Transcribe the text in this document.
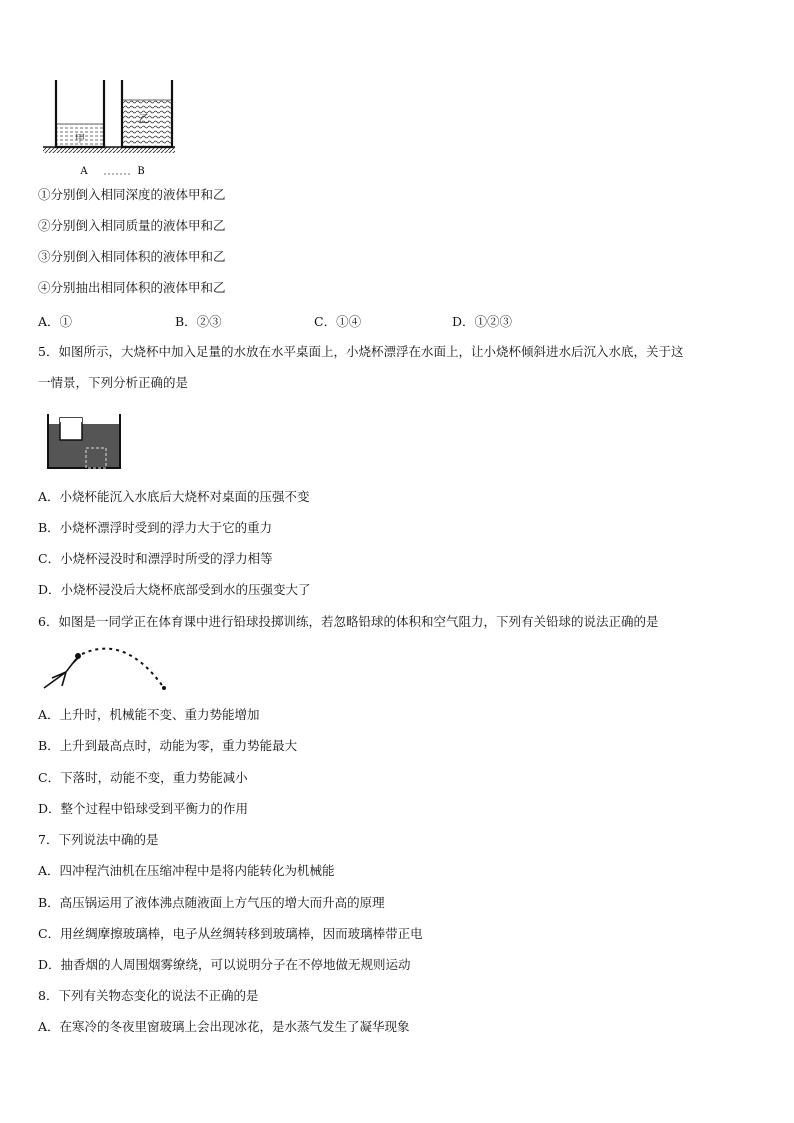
甲
乙
A	B
①分别倒入相同深度的液体甲和乙
②分别倒入相同质量的液体甲和乙
③分别倒入相同体积的液体甲和乙
④分别抽出相同体积的液体甲和乙
A．①	B．②③	C．①④	D．①②③
5．如图所示，大烧杯中加入足量的水放在水平桌面上，小烧杯漂浮在水面上，让小烧杯倾斜进水后沉入水底，关于这
一情景，下列分析正确的是
A．小烧杯能沉入水底后大烧杯对桌面的压强不变
B．小烧杯漂浮时受到的浮力大于它的重力
C．小烧杯浸没时和漂浮时所受的浮力相等
D．小烧杯浸没后大烧杯底部受到水的压强变大了
6．如图是一同学正在体育课中进行铅球投掷训练，若忽略铅球的体积和空气阻力，下列有关铅球的说法正确的是
A．上升时，机械能不变、重力势能增加
B．上升到最高点时，动能为零，重力势能最大
C．下落时，动能不变，重力势能减小
D．整个过程中铅球受到平衡力的作用
7．下列说法中确的是
A．四冲程汽油机在压缩冲程中是将内能转化为机械能
B．高压锅运用了液体沸点随液面上方气压的增大而升高的原理
C．用丝绸摩擦玻璃棒，电子从丝绸转移到玻璃棒，因而玻璃棒带正电
D．抽香烟的人周围烟雾缭绕，可以说明分子在不停地做无规则运动
8．下列有关物态变化的说法不正确的是
A．在寒冷的冬夜里窗玻璃上会出现冰花，是水蒸气发生了凝华现象
